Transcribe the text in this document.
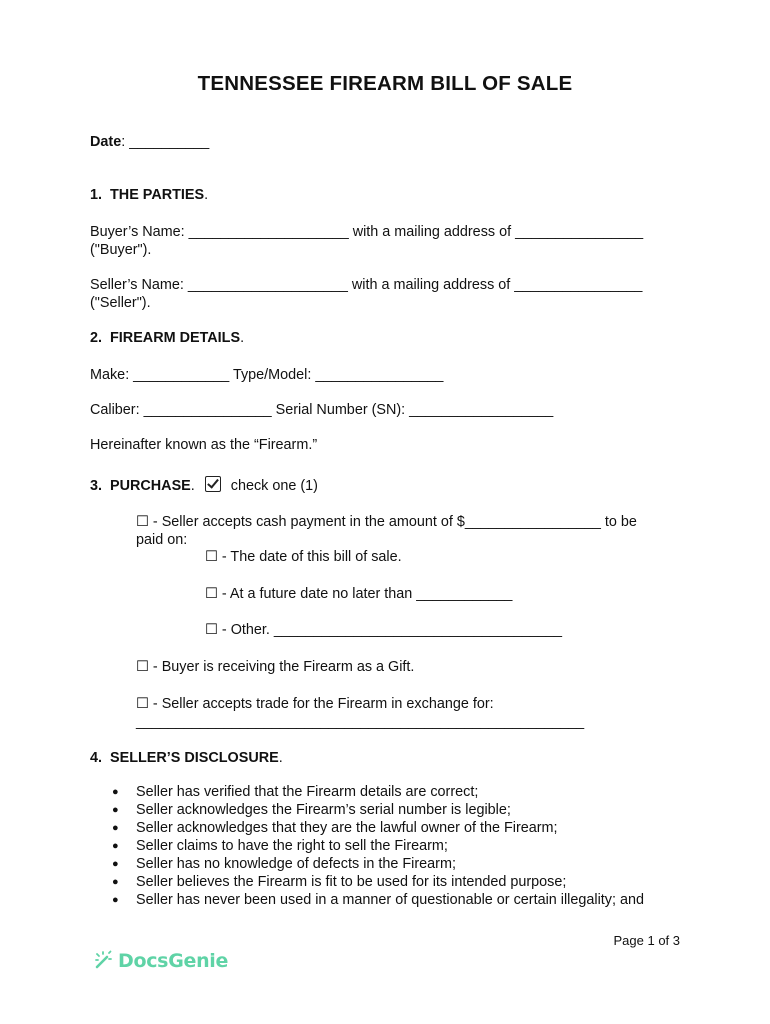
TENNESSEE FIREARM BILL OF SALE
Date: __________
1. THE PARTIES.
Buyer’s Name: ____________________ with a mailing address of ________________
("Buyer").
Seller’s Name: ____________________ with a mailing address of ________________
("Seller").
2. FIREARM DETAILS.
Make: ____________ Type/Model: ________________
Caliber: ________________ Serial Number (SN): __________________
Hereinafter known as the “Firearm.”
3. PURCHASE.	check one (1)
☐ - Seller accepts cash payment in the amount of $_________________ to be
paid on:
☐ - The date of this bill of sale.
☐ - At a future date no later than ____________
☐ - Other. ____________________________________
☐ - Buyer is receiving the Firearm as a Gift.
☐ - Seller accepts trade for the Firearm in exchange for:
________________________________________________________
4. SELLER’S DISCLOSURE.
● Seller has verified that the Firearm details are correct;
● Seller acknowledges the Firearm’s serial number is legible;
● Seller acknowledges that they are the lawful owner of the Firearm;
● Seller claims to have the right to sell the Firearm;
● Seller has no knowledge of defects in the Firearm;
● Seller believes the Firearm is fit to be used for its intended purpose;
● Seller has never been used in a manner of questionable or certain illegality; and
Page 1 of 3
DocsGenie
